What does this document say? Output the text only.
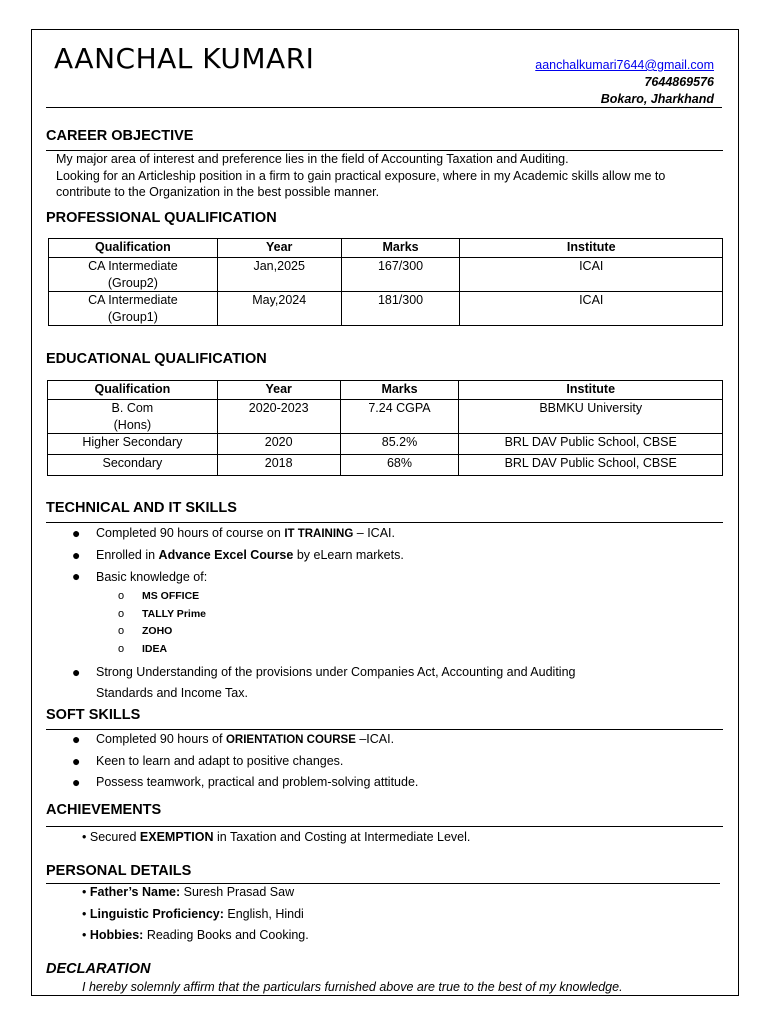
AANCHAL KUMARI	aanchalkumari7644@gmail.com
7644869576
Bokaro, Jharkhand
CAREER OBJECTIVE
My major area of interest and preference lies in the field of Accounting Taxation and Auditing.
Looking for an Articleship position in a firm to gain practical exposure, where in my Academic skills allow me to
contribute to the Organization in the best possible manner.
PROFESSIONAL QUALIFICATION
Qualification	Year	Marks	Institute

CA Intermediate
(Group2)	Jan,2025	167/300	ICAI

CA Intermediate
(Group1)	May,2024	181/300	ICAI
EDUCATIONAL QUALIFICATION
Qualification	Year	Marks	Institute

B. Com
(Hons)	2020-2023	7.24 CGPA	BBMKU University
Higher Secondary	2020	85.2%	BRL DAV Public School, CBSE
Secondary	2018	68%	BRL DAV Public School, CBSE
TECHNICAL AND IT SKILLS
● Completed 90 hours of course on IT TRAINING – ICAI.
● Enrolled in Advance Excel Course by eLearn markets.
● Basic knowledge of:
o MS OFFICE
o TALLY Prime
o ZOHO
o IDEA
● Strong Understanding of the provisions under Companies Act, Accounting and Auditing
Standards and Income Tax.
SOFT SKILLS
● Completed 90 hours of ORIENTATION COURSE –ICAI.
● Keen to learn and adapt to positive changes.
● Possess teamwork, practical and problem-solving attitude.
ACHIEVEMENTS
• Secured EXEMPTION in Taxation and Costing at Intermediate Level.
PERSONAL DETAILS
• Father’s Name: Suresh Prasad Saw
• Linguistic Proficiency: English, Hindi
• Hobbies: Reading Books and Cooking.
DECLARATION
I hereby solemnly affirm that the particulars furnished above are true to the best of my knowledge.
